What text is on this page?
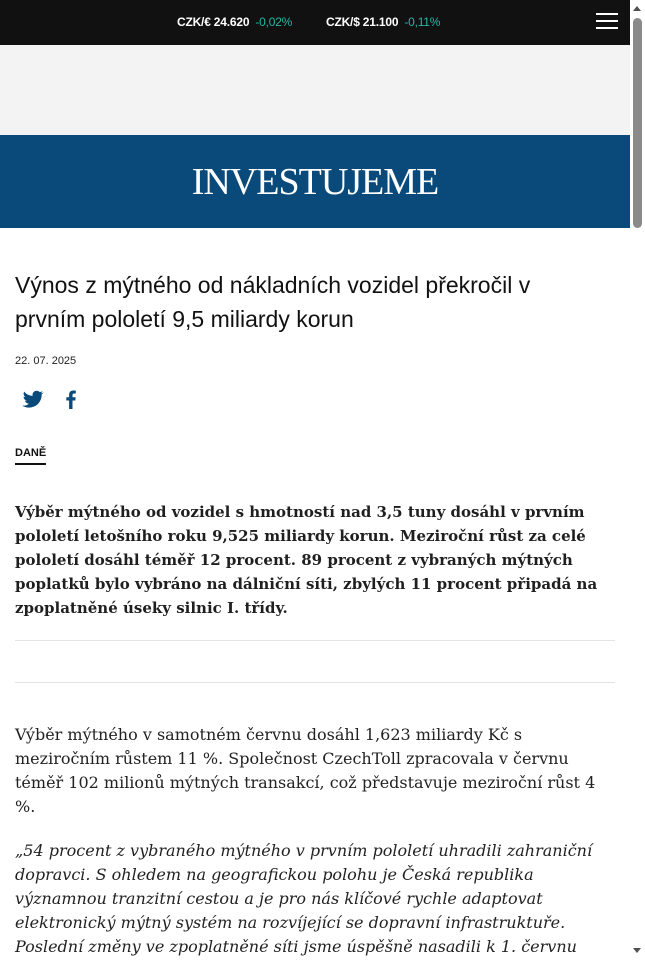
CZK/€ 24.620 -0,02%	CZK/$ 21.100 -0,11%
INVESTUJEME
Výnos z mýtného od nákladních vozidel překročil v prvním pololetí 9,5 miliardy korun
22. 07. 2025
DANĚ

Výběr mýtného od vozidel s hmotností nad 3,5 tuny dosáhl v prvním pololetí letošního roku 9,525 miliardy korun. Meziroční růst za celé pololetí dosáhl téměř 12 procent. 89 procent z vybraných mýtných poplatků bylo vybráno na dálniční síti, zbylých 11 procent připadá na zpoplatněné úseky silnic I. třídy.

Výběr mýtného v samotném červnu dosáhl 1,623 miliardy Kč s meziročním růstem 11 %. Společnost CzechToll zpracovala v červnu téměř 102 milionů mýtných transakcí, což představuje meziroční růst 4 %.

„54 procent z vybraného mýtného v prvním pololetí uhradili zahraniční dopravci. S ohledem na geografickou polohu je Česká republika významnou tranzitní cestou a je pro nás klíčové rychle adaptovat elektronický mýtný systém na rozvíjející se dopravní infrastruktuře. Poslední změny ve zpoplatněné síti jsme úspěšně nasadili k 1. červnu
